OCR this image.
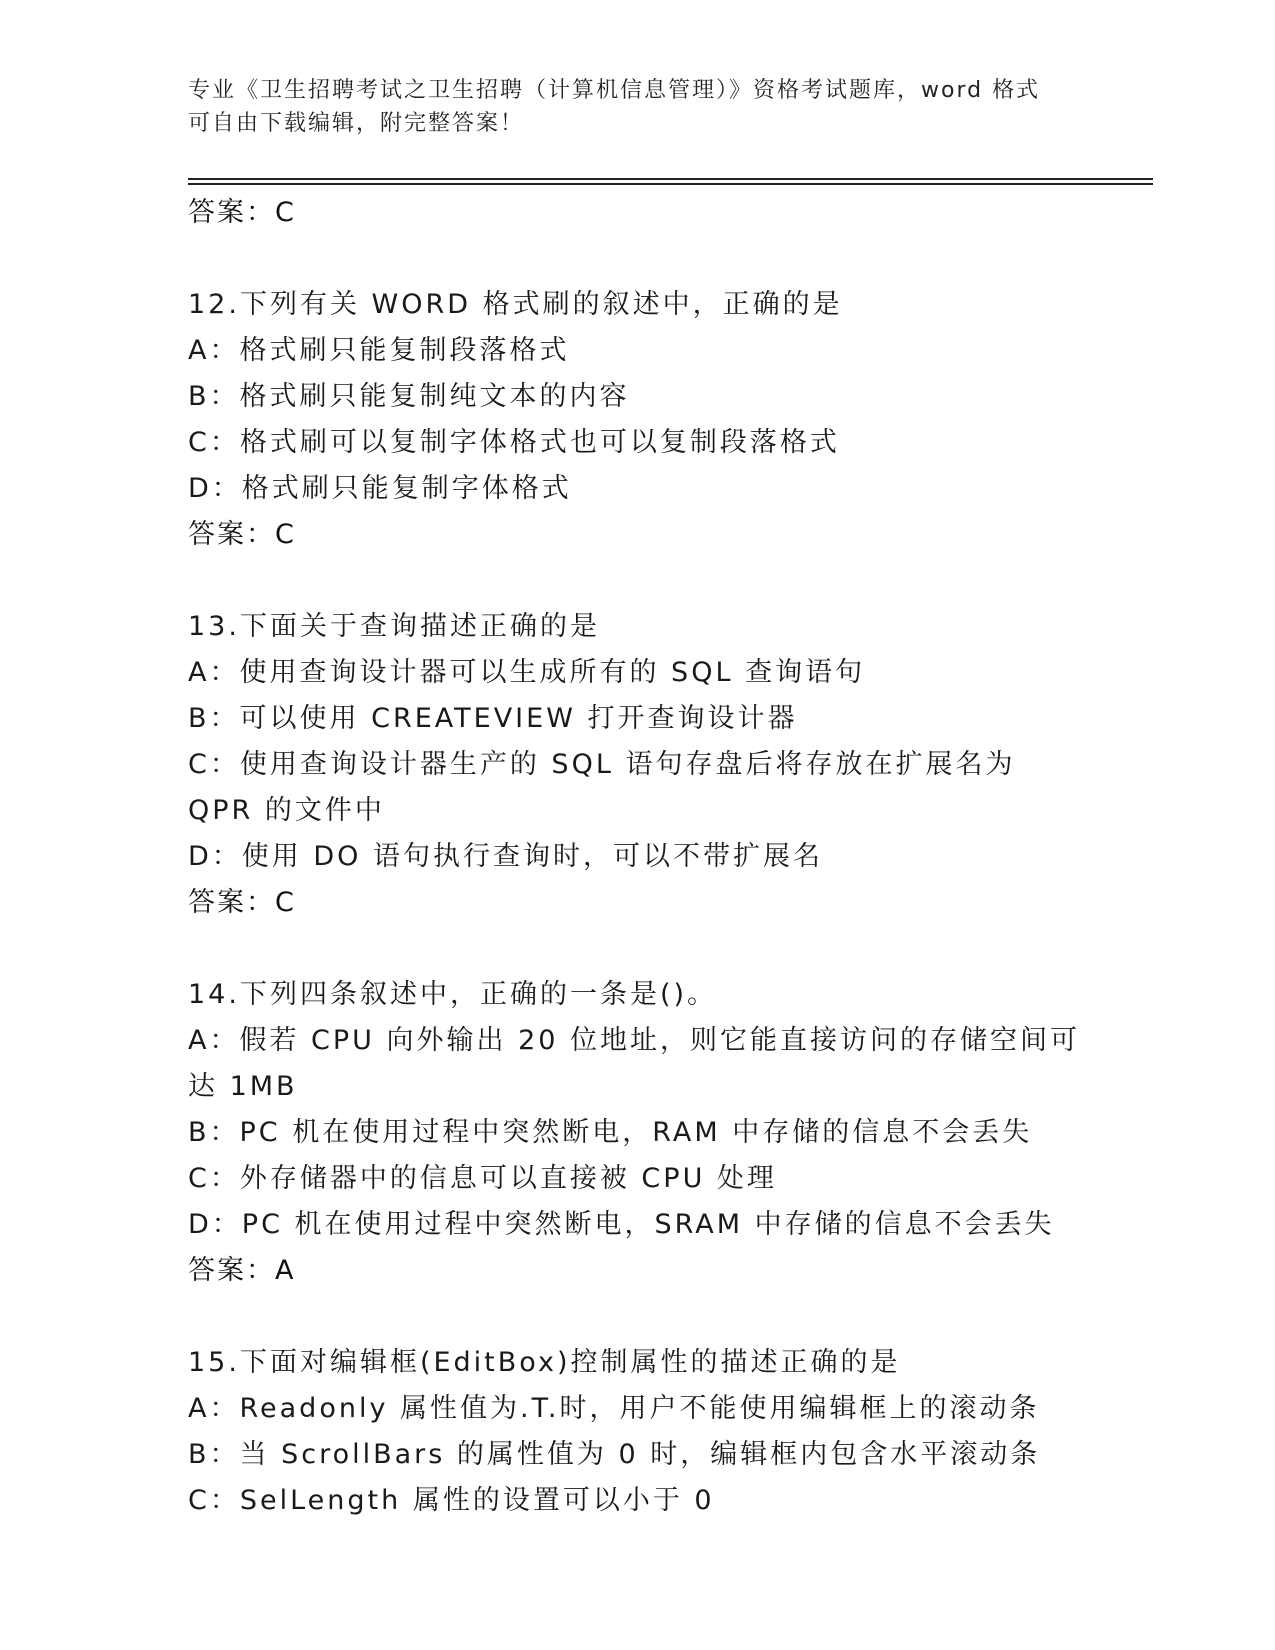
专业《卫生招聘考试之卫生招聘（计算机信息管理）》资格考试题库，word 格式
可自由下载编辑，附完整答案！
答案：C
12.下列有关 WORD 格式刷的叙述中，正确的是
A：格式刷只能复制段落格式
B：格式刷只能复制纯文本的内容
C：格式刷可以复制字体格式也可以复制段落格式
D：格式刷只能复制字体格式
答案：C
13.下面关于查询描述正确的是
A：使用查询设计器可以生成所有的 SQL 查询语句
B：可以使用 CREATEVIEW 打开查询设计器
C：使用查询设计器生产的 SQL 语句存盘后将存放在扩展名为 QPR 的文件中
D：使用 DO 语句执行查询时，可以不带扩展名
答案：C
14.下列四条叙述中，正确的一条是()。
A：假若 CPU 向外输出 20 位地址，则它能直接访问的存储空间可达 1MB
B：PC 机在使用过程中突然断电，RAM 中存储的信息不会丢失
C：外存储器中的信息可以直接被 CPU 处理
D：PC 机在使用过程中突然断电，SRAM 中存储的信息不会丢失
答案：A
15.下面对编辑框(EditBox)控制属性的描述正确的是
A：Readonly 属性值为.T.时，用户不能使用编辑框上的滚动条
B：当 ScrollBars 的属性值为 0 时，编辑框内包含水平滚动条
C：SelLength 属性的设置可以小于 0
